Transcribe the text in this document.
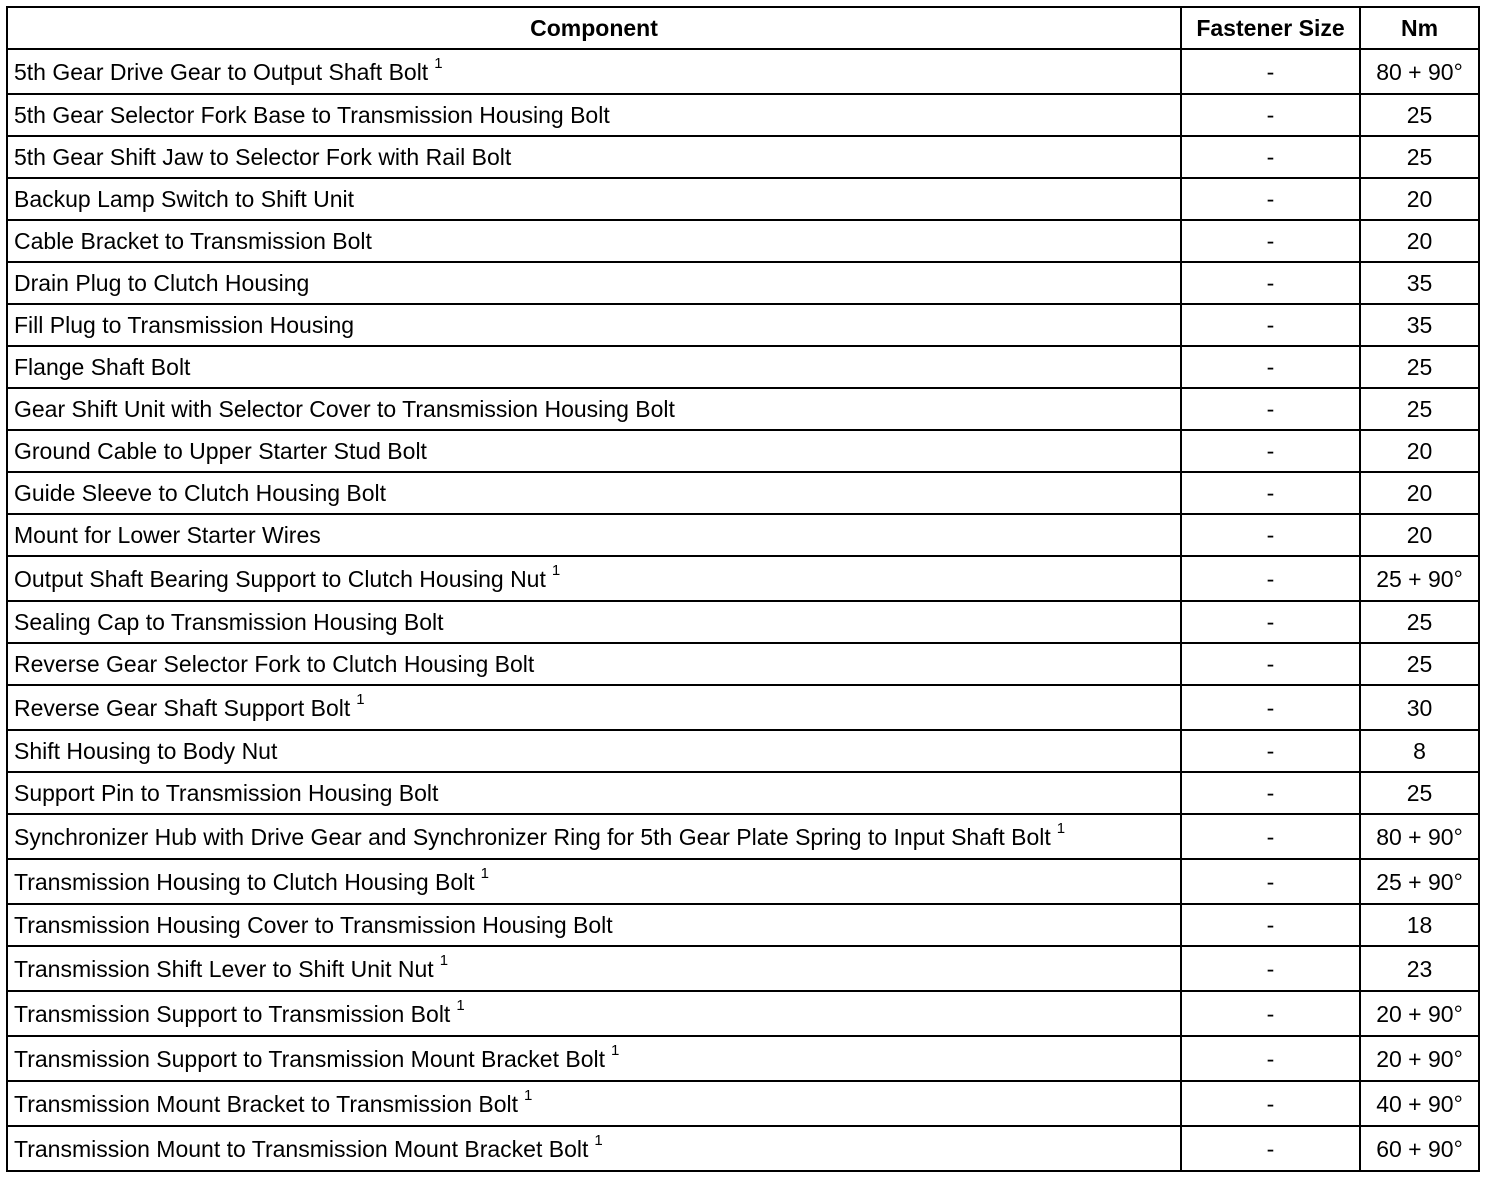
Component	Fastener Size	Nm
5th Gear Drive Gear to Output Shaft Bolt $^1$	-	80 + 90°
5th Gear Selector Fork Base to Transmission Housing Bolt	-	25
5th Gear Shift Jaw to Selector Fork with Rail Bolt	-	25
Backup Lamp Switch to Shift Unit	-	20
Cable Bracket to Transmission Bolt	-	20
Drain Plug to Clutch Housing	-	35
Fill Plug to Transmission Housing	-	35
Flange Shaft Bolt	-	25
Gear Shift Unit with Selector Cover to Transmission Housing Bolt	-	25
Ground Cable to Upper Starter Stud Bolt	-	20
Guide Sleeve to Clutch Housing Bolt	-	20
Mount for Lower Starter Wires	-	20
Output Shaft Bearing Support to Clutch Housing Nut $^1$	-	25 + 90°
Sealing Cap to Transmission Housing Bolt	-	25
Reverse Gear Selector Fork to Clutch Housing Bolt	-	25
Reverse Gear Shaft Support Bolt $^1$	-	30
Shift Housing to Body Nut	-	8
Support Pin to Transmission Housing Bolt	-	25
Synchronizer Hub with Drive Gear and Synchronizer Ring for 5th Gear Plate Spring to Input Shaft Bolt $^1$	-	80 + 90°
Transmission Housing to Clutch Housing Bolt $^1$	-	25 + 90°
Transmission Housing Cover to Transmission Housing Bolt	-	18
Transmission Shift Lever to Shift Unit Nut $^1$	-	23
Transmission Support to Transmission Bolt $^1$	-	20 + 90°
Transmission Support to Transmission Mount Bracket Bolt $^1$	-	20 + 90°
Transmission Mount Bracket to Transmission Bolt $^1$	-	40 + 90°
Transmission Mount to Transmission Mount Bracket Bolt $^1$	-	60 + 90°
